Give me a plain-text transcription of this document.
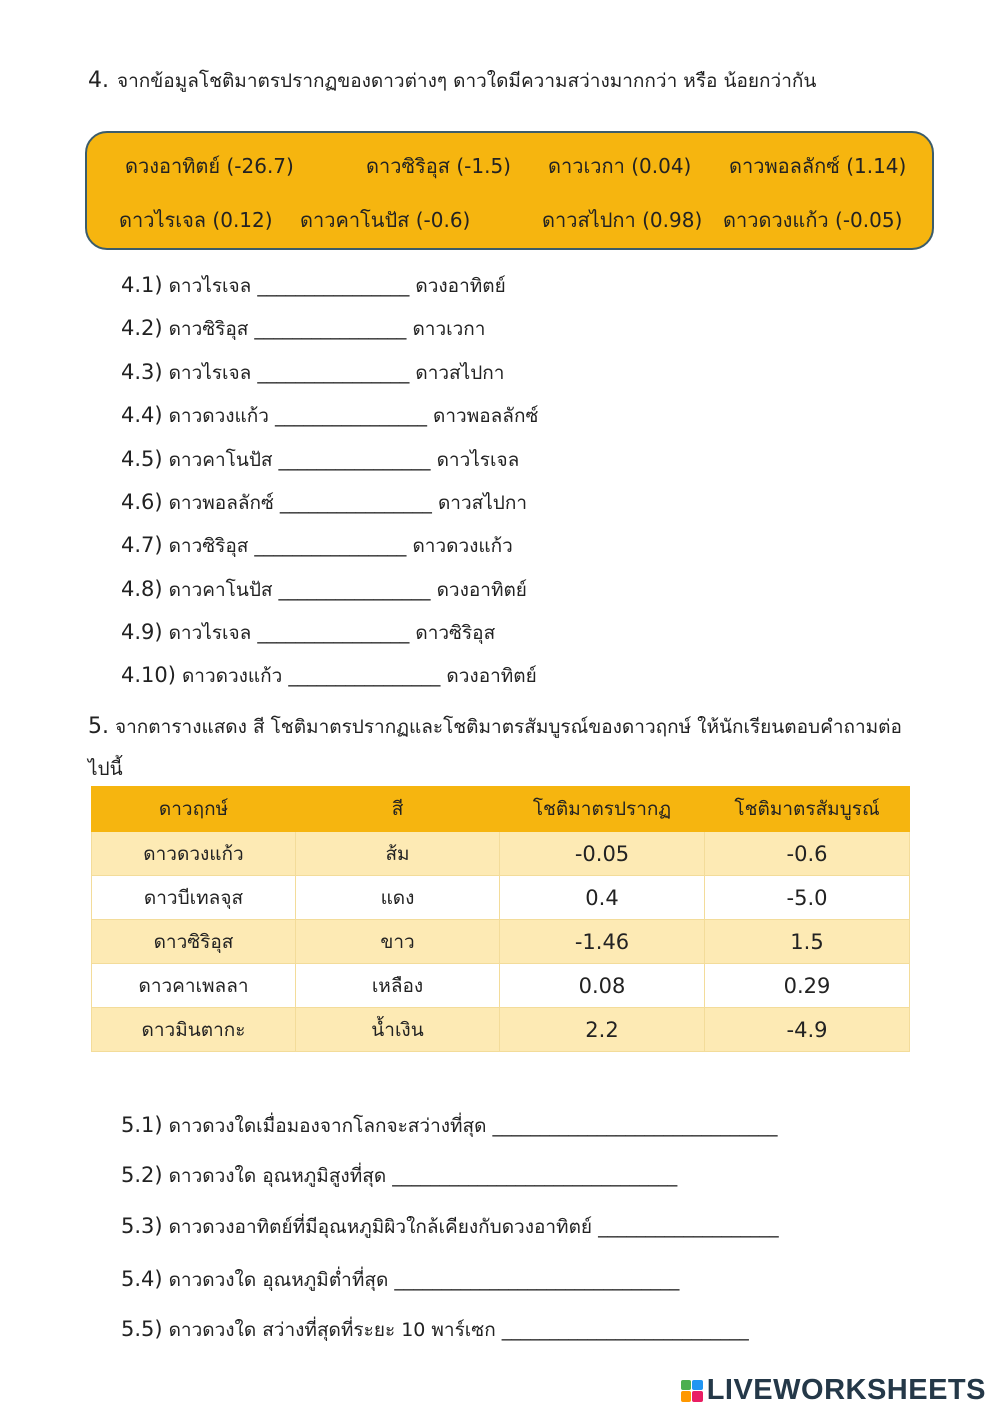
4. จากข้อมูลโชติมาตรปรากฏของดาวต่างๆ ดาวใดมีความสว่างมากกว่า หรือ น้อยกว่ากัน
ดวงอาทิตย์ (-26.7)	ดาวซิริอุส (-1.5) ดาวเวกา (0.04) ดาวพอลลักซ์ (1.14)
ดาวไรเจล (0.12) ดาวคาโนปัส (-0.6)	ดาวสไปกา (0.98) ดาวดวงแก้ว (-0.05)
4.1) ดาวไรเจล ________________ ดวงอาทิตย์
4.2) ดาวซิริอุส ________________ ดาวเวกา
4.3) ดาวไรเจล ________________ ดาวสไปกา
4.4) ดาวดวงแก้ว ________________ ดาวพอลลักซ์
4.5) ดาวคาโนปัส ________________ ดาวไรเจล
4.6) ดาวพอลลักซ์ ________________ ดาวสไปกา
4.7) ดาวซิริอุส ________________ ดาวดวงแก้ว
4.8) ดาวคาโนปัส ________________ ดวงอาทิตย์
4.9) ดาวไรเจล ________________ ดาวซิริอุส
4.10) ดาวดวงแก้ว ________________ ดวงอาทิตย์
5. จากตารางแสดง สี โชติมาตรปรากฏและโชติมาตรสัมบูรณ์ของดาวฤกษ์ ให้นักเรียนตอบคำถามต่อไปนี้
ดาวฤกษ์	สี	โชติมาตรปรากฏ	โชติมาตรสัมบูรณ์
ดาวดวงแก้ว	ส้ม	-0.05	-0.6
ดาวบีเทลจุส	แดง	0.4	-5.0
ดาวซิริอุส	ขาว	-1.46	1.5
ดาวคาเพลลา	เหลือง	0.08	0.29
ดาวมินตากะ	น้ำเงิน	2.2	-4.9
5.1) ดาวดวงใดเมื่อมองจากโลกจะสว่างที่สุด ______________________________
5.2) ดาวดวงใด อุณหภูมิสูงที่สุด ______________________________
5.3) ดาวดวงอาทิตย์ที่มีอุณหภูมิผิวใกล้เคียงกับดวงอาทิตย์ ___________________
5.4) ดาวดวงใด อุณหภูมิต่ำที่สุด ______________________________
5.5) ดาวดวงใด สว่างที่สุดที่ระยะ 10 พาร์เซก __________________________
LIVEWORKSHEETS
